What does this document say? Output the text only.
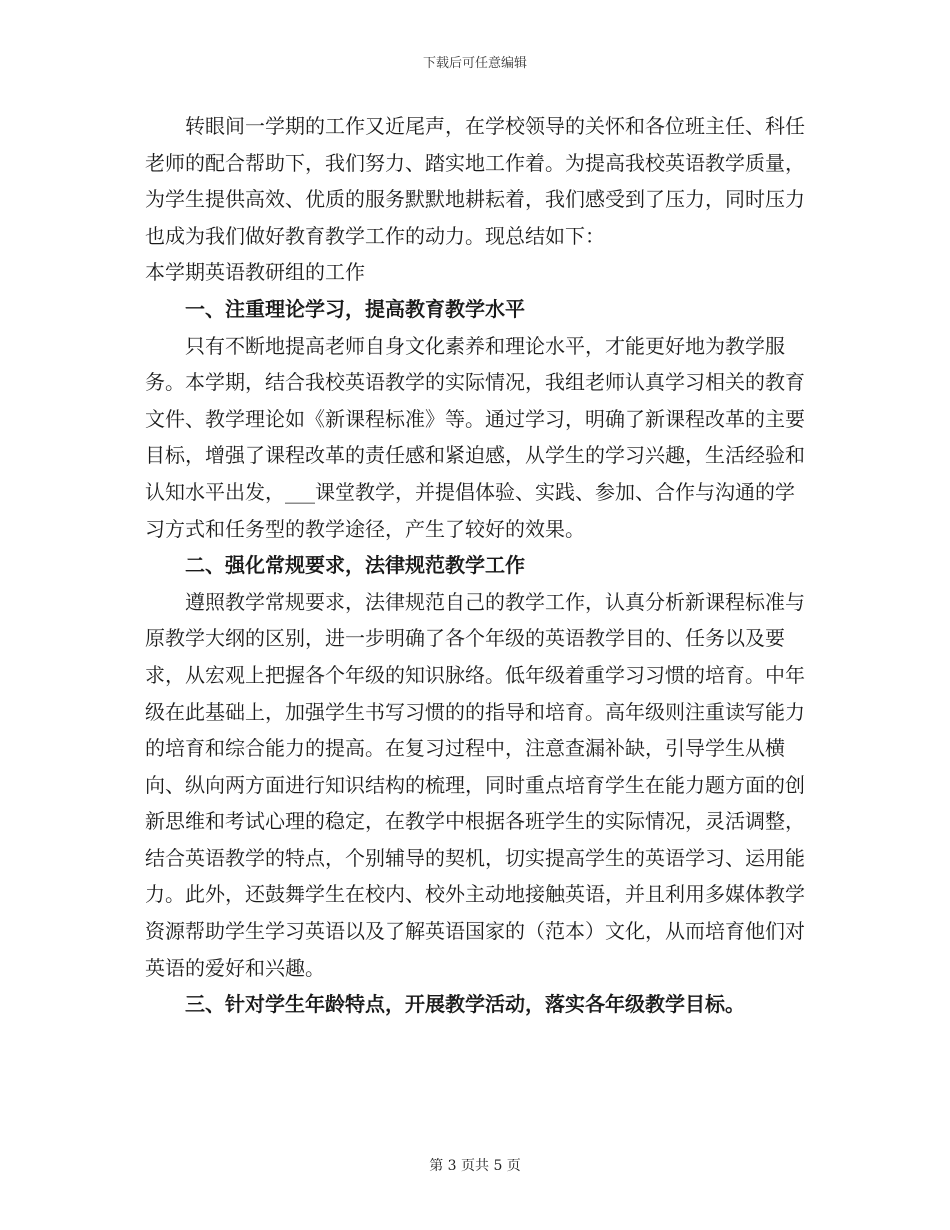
下载后可任意编辑

转眼间一学期的工作又近尾声，在学校领导的关怀和各位班主任、科任老师的配合帮助下，我们努力、踏实地工作着。为提高我校英语教学质量，为学生提供高效、优质的服务默默地耕耘着，我们感受到了压力，同时压力也成为我们做好教育教学工作的动力。现总结如下：

本学期英语教研组的工作

一、注重理论学习，提高教育教学水平

只有不断地提高老师自身文化素养和理论水平，才能更好地为教学服务。本学期，结合我校英语教学的实际情况，我组老师认真学习相关的教育文件、教学理论如《新课程标准》等。通过学习，明确了新课程改革的主要目标，增强了课程改革的责任感和紧迫感，从学生的学习兴趣，生活经验和认知水平出发，___课堂教学，并提倡体验、实践、参加、合作与沟通的学习方式和任务型的教学途径，产生了较好的效果。

二、强化常规要求，法律规范教学工作

遵照教学常规要求，法律规范自己的教学工作，认真分析新课程标准与原教学大纲的区别，进一步明确了各个年级的英语教学目的、任务以及要求，从宏观上把握各个年级的知识脉络。低年级着重学习习惯的培育。中年级在此基础上，加强学生书写习惯的的指导和培育。高年级则注重读写能力的培育和综合能力的提高。在复习过程中，注意查漏补缺，引导学生从横向、纵向两方面进行知识结构的梳理，同时重点培育学生在能力题方面的创新思维和考试心理的稳定，在教学中根据各班学生的实际情况，灵活调整，结合英语教学的特点，个别辅导的契机，切实提高学生的英语学习、运用能力。此外，还鼓舞学生在校内、校外主动地接触英语，并且利用多媒体教学资源帮助学生学习英语以及了解英语国家的（范本）文化，从而培育他们对英语的爱好和兴趣。

三、针对学生年龄特点，开展教学活动，落实各年级教学目标。
第 3 页共 5 页
